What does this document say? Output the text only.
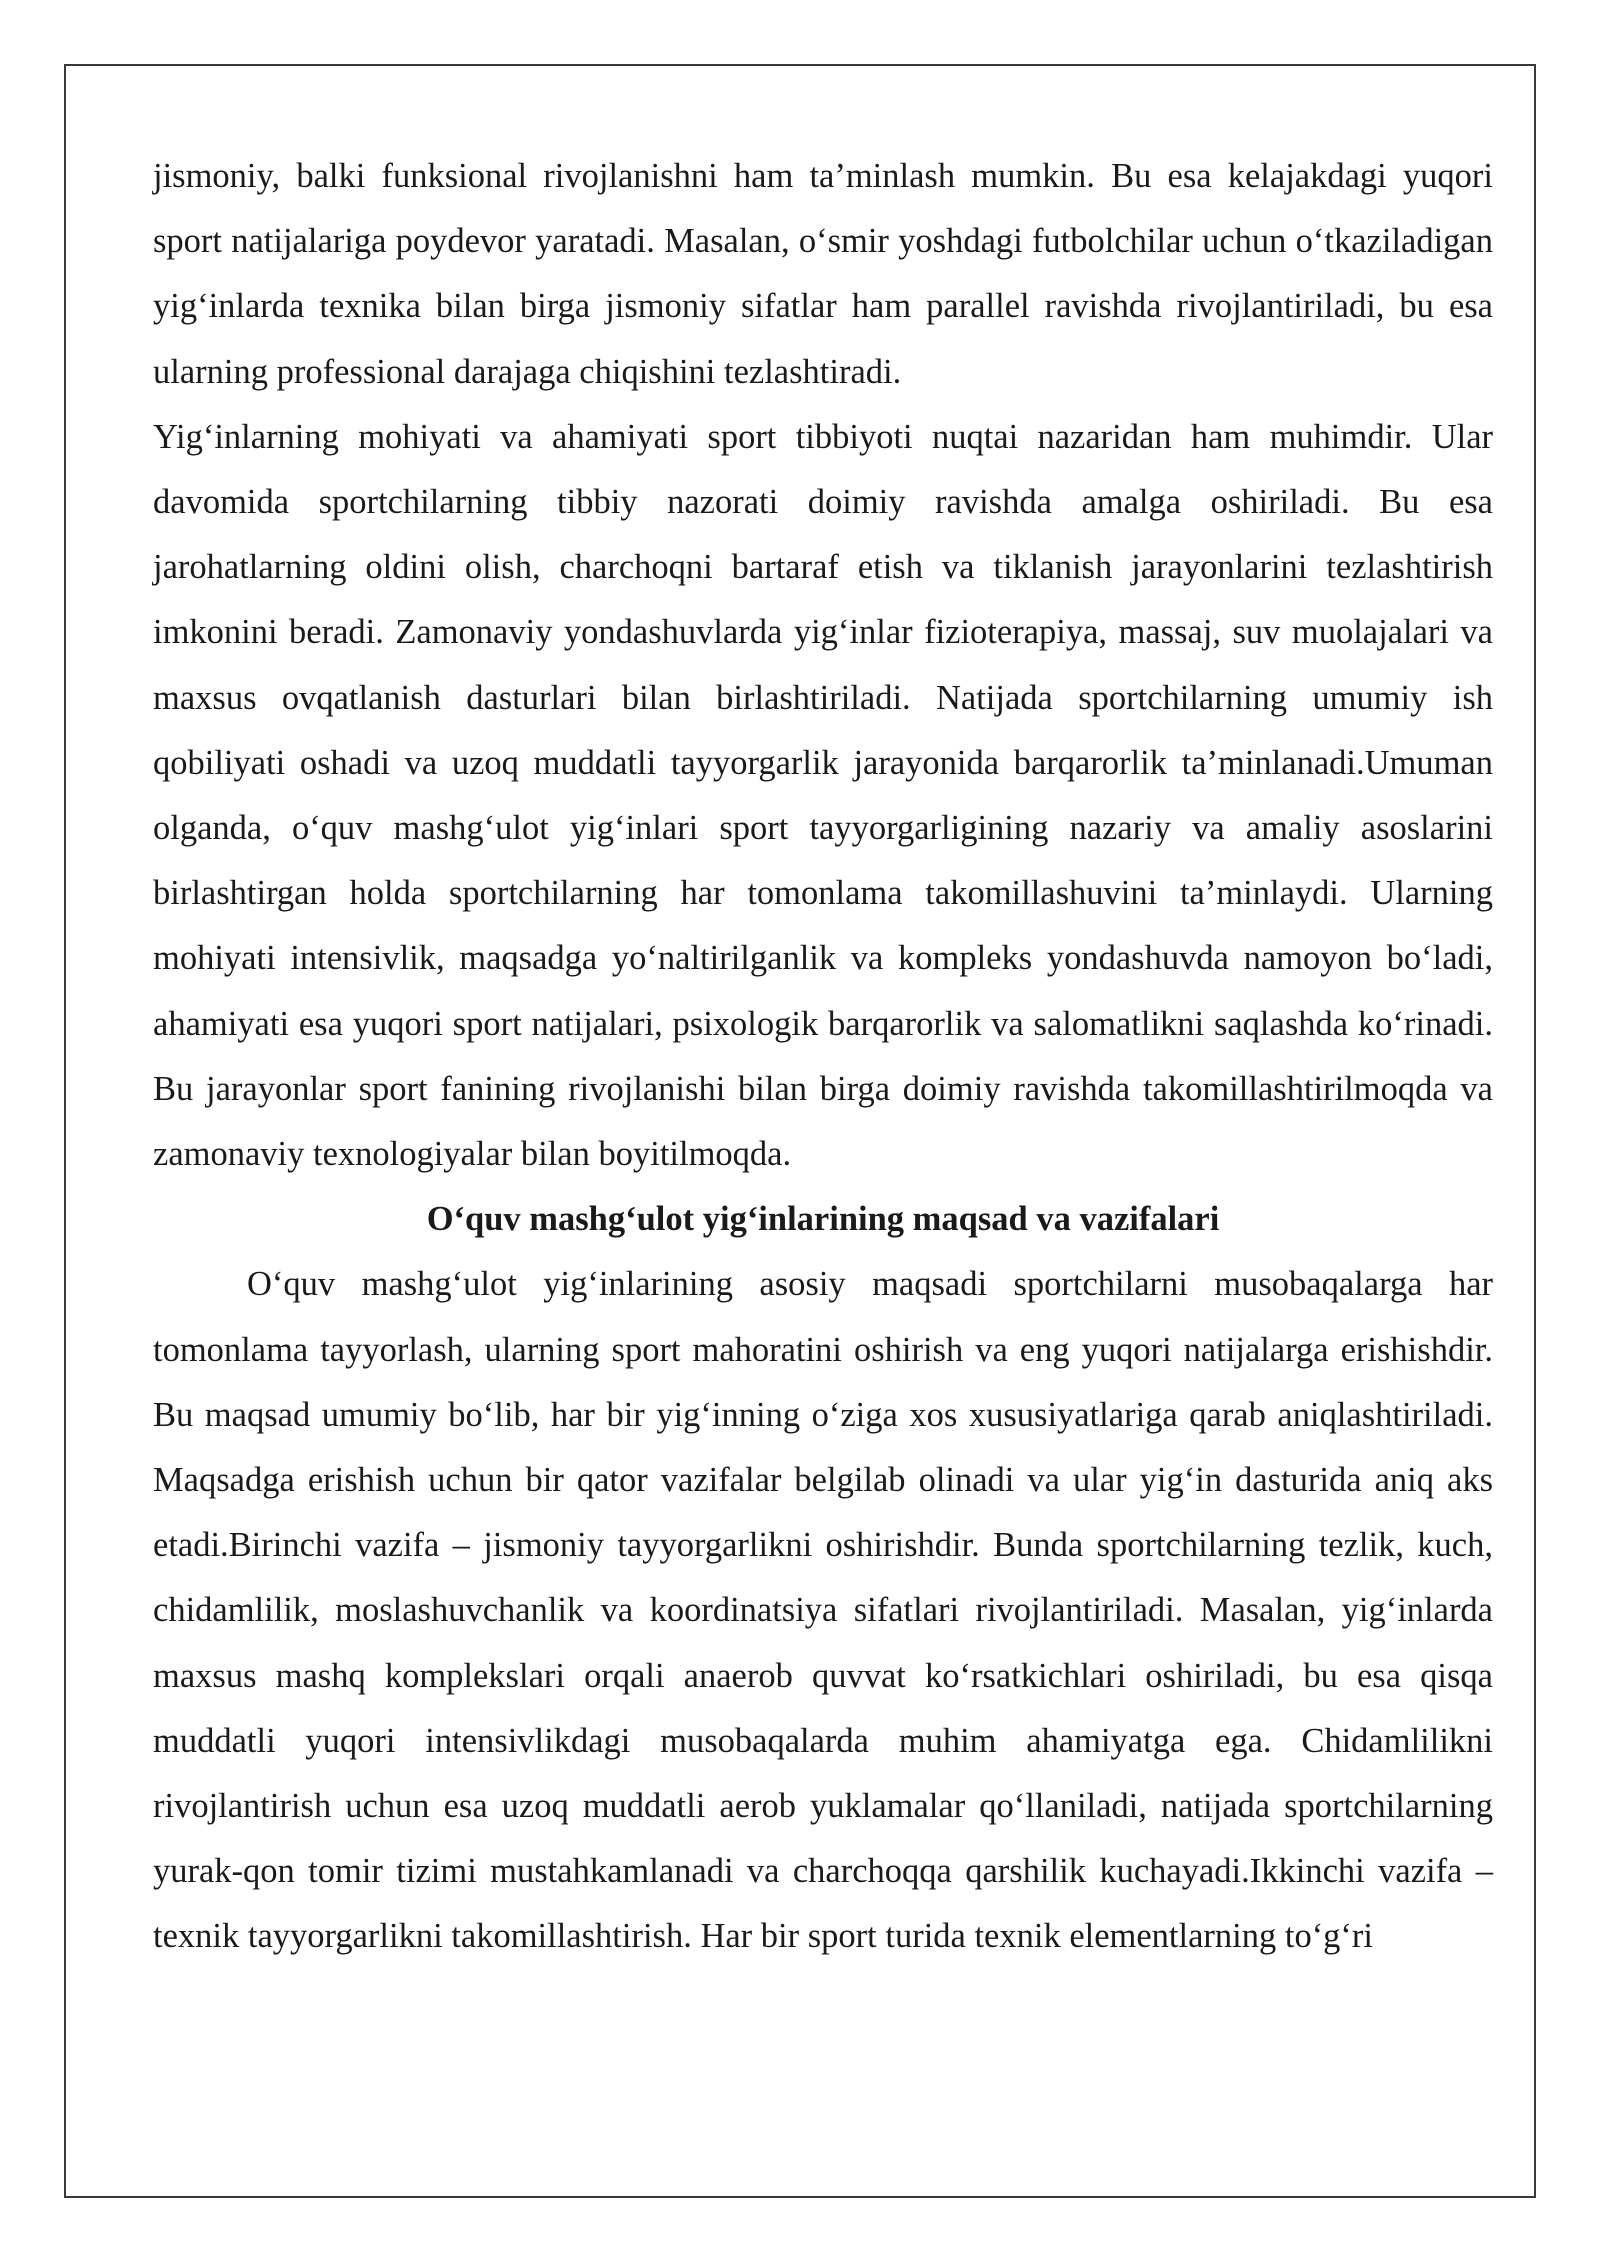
jismoniy, balki funksional rivojlanishni ham ta’minlash mumkin. Bu esa kelajakdagi yuqori sport natijalariga poydevor yaratadi. Masalan, o‘smir yoshdagi futbolchilar uchun o‘tkaziladigan yig‘inlarda texnika bilan birga jismoniy sifatlar ham parallel ravishda rivojlantiriladi, bu esa ularning professional darajaga chiqishini tezlashtiradi.

Yig‘inlarning mohiyati va ahamiyati sport tibbiyoti nuqtai nazaridan ham muhimdir. Ular davomida sportchilarning tibbiy nazorati doimiy ravishda amalga oshiriladi. Bu esa jarohatlarning oldini olish, charchoqni bartaraf etish va tiklanish jarayonlarini tezlashtirish imkonini beradi. Zamonaviy yondashuvlarda yig‘inlar fizioterapiya, massaj, suv muolajalari va maxsus ovqatlanish dasturlari bilan birlashtiriladi. Natijada sportchilarning umumiy ish qobiliyati oshadi va uzoq muddatli tayyorgarlik jarayonida barqarorlik ta’minlanadi.Umuman olganda, o‘quv mashg‘ulot yig‘inlari sport tayyorgarligining nazariy va amaliy asoslarini birlashtirgan holda sportchilarning har tomonlama takomillashuvini ta’minlaydi. Ularning mohiyati intensivlik, maqsadga yo‘naltirilganlik va kompleks yondashuvda namoyon bo‘ladi, ahamiyati esa yuqori sport natijalari, psixologik barqarorlik va salomatlikni saqlashda ko‘rinadi. Bu jarayonlar sport fanining rivojlanishi bilan birga doimiy ravishda takomillashtirilmoqda va zamonaviy texnologiyalar bilan boyitilmoqda.

O‘quv mashg‘ulot yig‘inlarining maqsad va vazifalari

O‘quv mashg‘ulot yig‘inlarining asosiy maqsadi sportchilarni musobaqalarga har tomonlama tayyorlash, ularning sport mahoratini oshirish va eng yuqori natijalarga erishishdir. Bu maqsad umumiy bo‘lib, har bir yig‘inning o‘ziga xos xususiyatlariga qarab aniqlashtiriladi. Maqsadga erishish uchun bir qator vazifalar belgilab olinadi va ular yig‘in dasturida aniq aks etadi.Birinchi vazifa – jismoniy tayyorgarlikni oshirishdir. Bunda sportchilarning tezlik, kuch, chidamlilik, moslashuvchanlik va koordinatsiya sifatlari rivojlantiriladi. Masalan, yig‘inlarda maxsus mashq komplekslari orqali anaerob quvvat ko‘rsatkichlari oshiriladi, bu esa qisqa muddatli yuqori intensivlikdagi musobaqalarda muhim ahamiyatga ega. Chidamlilikni rivojlantirish uchun esa uzoq muddatli aerob yuklamalar qo‘llaniladi, natijada sportchilarning yurak-qon tomir tizimi mustahkamlanadi va charchoqqa qarshilik kuchayadi.Ikkinchi vazifa – texnik tayyorgarlikni takomillashtirish. Har bir sport turida texnik elementlarning to‘g‘ri
